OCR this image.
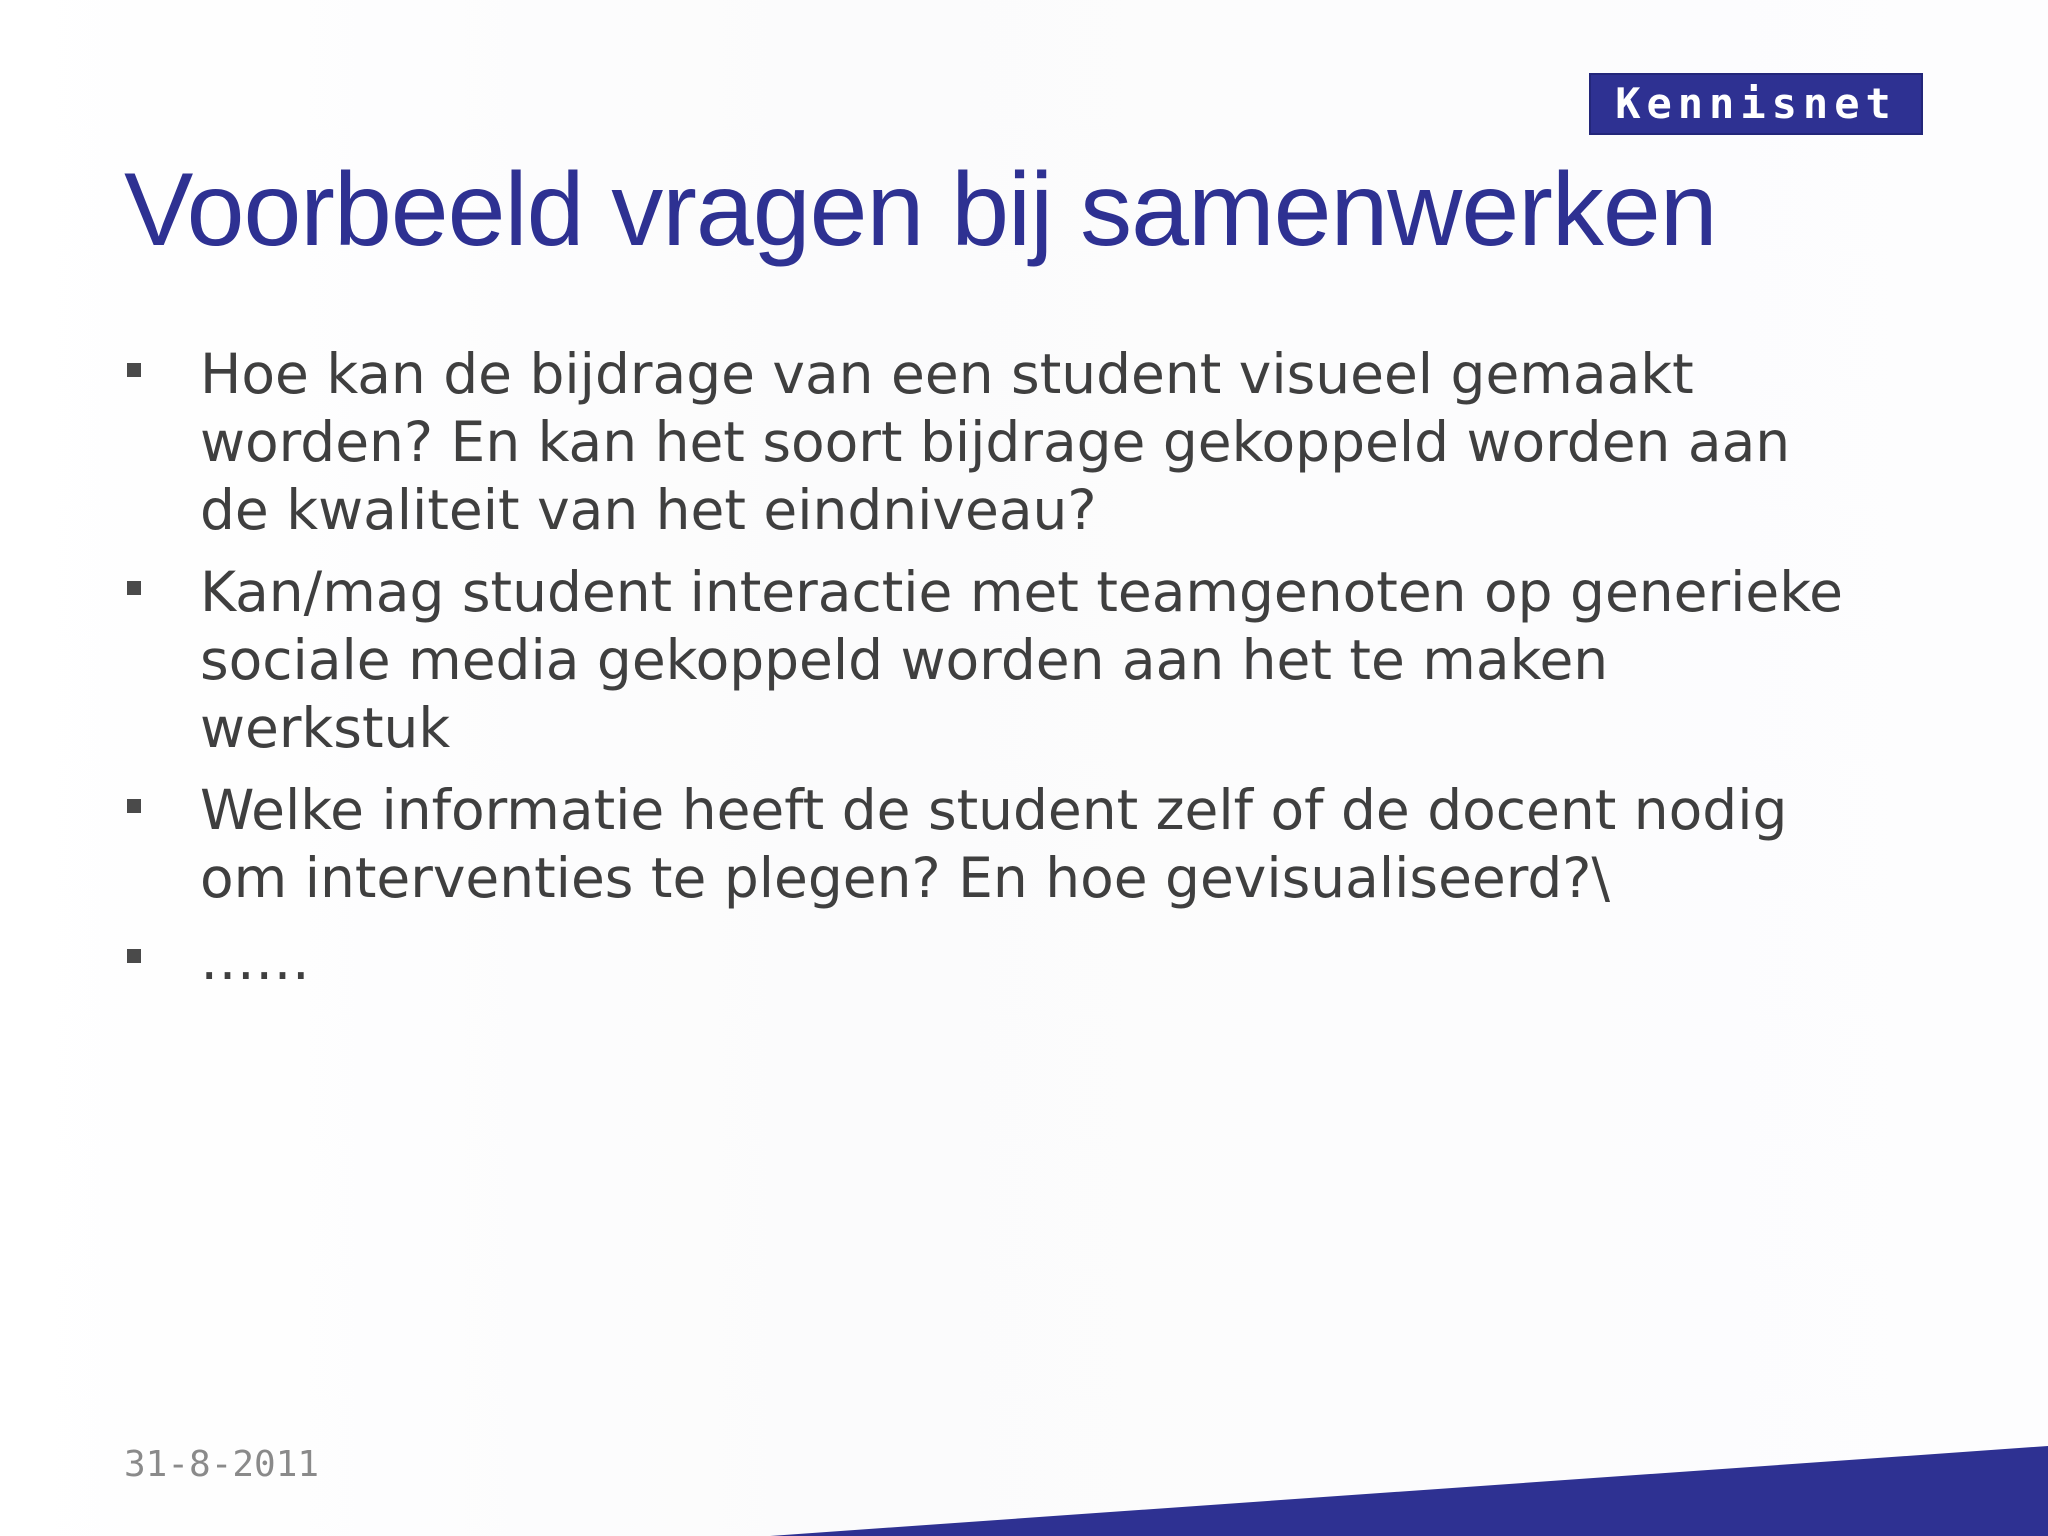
Kennisnet
Voorbeeld vragen bij samenwerken
Hoe kan de bijdrage van een student visueel gemaakt
worden? En kan het soort bijdrage gekoppeld worden aan
de kwaliteit van het eindniveau?
Kan/mag student interactie met teamgenoten op generieke
sociale media gekoppeld worden aan het te maken
werkstuk
Welke informatie heeft de student zelf of de docent nodig
om interventies te plegen? En hoe gevisualiseerd?\
……
31-8-2011
